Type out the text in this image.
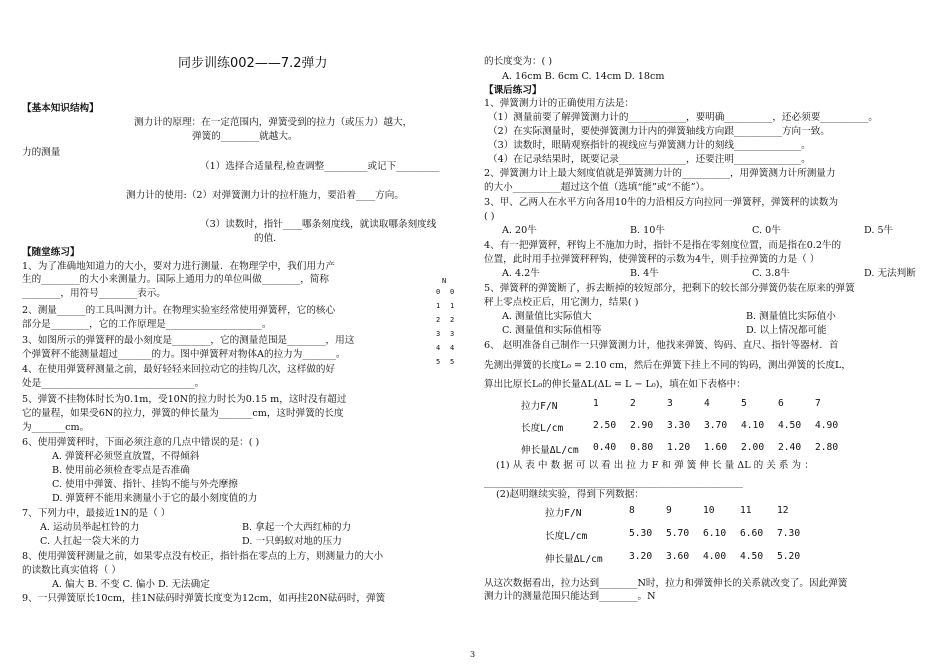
同步训练002——7.2弹力
【基本知识结构】
测力计的原理：在一定范围内，弹簧受到的拉力（或压力）越大，
弹簧的________就越大。
力的测量
（1）选择合适量程,检查调整_________或记下_________
测力计的使用:（2）对弹簧测力计的拉杆施力，要沿着____方向。
（3）读数时，指针____哪条刻度线，就读取哪条刻度线
的值.
【随堂练习】
1、为了准确地知道力的大小，要对力进行测量．在物理学中，我们用力产
生的________的大小来测量力。国际上通用力的单位叫做________，简称
________，用符号________表示。
2、测量______的工具叫测力计。在物理实验室经常使用弹簧秤，它的核心
部分是________，它的工作原理是____________________。
3、如图所示的弹簧秤的最小刻度是________，它的测量范围是________，用这
个弹簧秤不能测量超过_______的力。图中弹簧秤对物体A的拉力为_______。
4、在使用弹簧秤测量之前，最好轻轻来回拉动它的挂钩几次，这样做的好
处是________________________________。
5、弹簧不挂物体时长为0.1m，受10N的拉力时长为0.15 m，这时没有超过
它的量程，如果受6N的拉力，弹簧的伸长量为_______cm，这时弹簧的长度
为_______cm。
6、使用弹簧秤时，下面必须注意的几点中错误的是：( )
A. 弹簧秤必须竖直放置，不得倾斜
B. 使用前必须检查零点是否准确
C. 使用中弹簧、指针、挂钩不能与外壳摩擦
D. 弹簧秤不能用来测量小于它的最小刻度值的力
7、下列力中，最接近1N的是（ ）
A. 运动员举起杠铃的力	B. 拿起一个大西红柿的力
C. 人扛起一袋大米的力	D. 一只蚂蚁对地的压力
8、使用弹簧秤测量之前，如果零点没有校正，指针指在零点的上方，则测量力的大小
的读数比真实值将（ ）
A. 偏大 B. 不变 C. 偏小 D. 无法确定
9、一只弹簧原长10cm，挂1N砝码时弹簧长度变为12cm，如再挂20N砝码时，弹簧
的长度变为：( )
A. 16cm B. 6cm C. 14cm D. 18cm
【课后练习】
1、弹簧测力计的正确使用方法是：
（1）测量前要了解弹簧测力计的____________，要明确__________，还必须要__________。
（2）在实际测量时，要使弹簧测力计内的弹簧轴线方向跟__________方向一致。
（3）读数时，眼睛观察指针的视线应与弹簧测力计的刻线______________。
（4）在记录结果时，既要记录______________，还要注明______________。
2、弹簧测力计上最大刻度值就是弹簧测力计的__________，用弹簧测力计所测量力
的大小__________超过这个值（选填“能”或“不能”）。
3、甲、乙两人在水平方向各用10牛的力沿相反方向拉同一弹簧秤，弹簧秤的读数为
( )
A. 20牛	B. 10牛	C. 0牛	D. 5牛
4、有一把弹簧秤，秤钩上不施加力时，指针不是指在零刻度位置，而是指在0.2牛的
位置，此时用手拉弹簧秤秤钩，使弹簧秤的示数为4牛，则手拉弹簧的力是（ ）
A. 4.2牛	B. 4牛	C. 3.8牛	D. 无法判断
5、弹簧秤的弹簧断了，拆去断掉的较短部分，把剩下的较长部分弹簧仍装在原来的弹簧
秤上零点校正后，用它测力，结果( )
A. 测量值比实际值大	B. 测量值比实际值小
C. 测量值和实际值相等	D. 以上情况都可能
6、 赵明准备自己制作一只弹簧测力计，他找来弹簧、钩码、直尺、指针等器材．首
先测出弹簧的长度L₀ = 2.10 cm，然后在弹簧下挂上不同的钩码，测出弹簧的长度L，
算出比原长L₀的伸长量ΔL(ΔL = L − L₀)，填在如下表格中：
(1) 从 表 中 数 据 可 以 看 出 拉 力 F 和 弹 簧 伸 长 量 ΔL 的 关 系 为 ：
______________________________________________________
(2)赵明继续实验，得到下列数据：
从这次数据看出，拉力达到________N时，拉力和弹簧伸长的关系就改变了。因此弹簧
测力计的测量范围只能达到________。N
拉力F/N	1	2	3	4	5	6	7
长度L/cm	2.50 2.90 3.30 3.70 4.10 4.50 4.90
伸长量ΔL/cm 0.40 0.80 1.20 1.60 2.00 2.40 2.80
拉力F/N	8	9	10	11	12
长度L/cm	5.30 5.70 6.10 6.60 7.30
伸长量ΔL/cm	3.20 3.60 4.00 4.50 5.20
N
0
1
2
3
4
5
0
1
2
3
4
5
3
